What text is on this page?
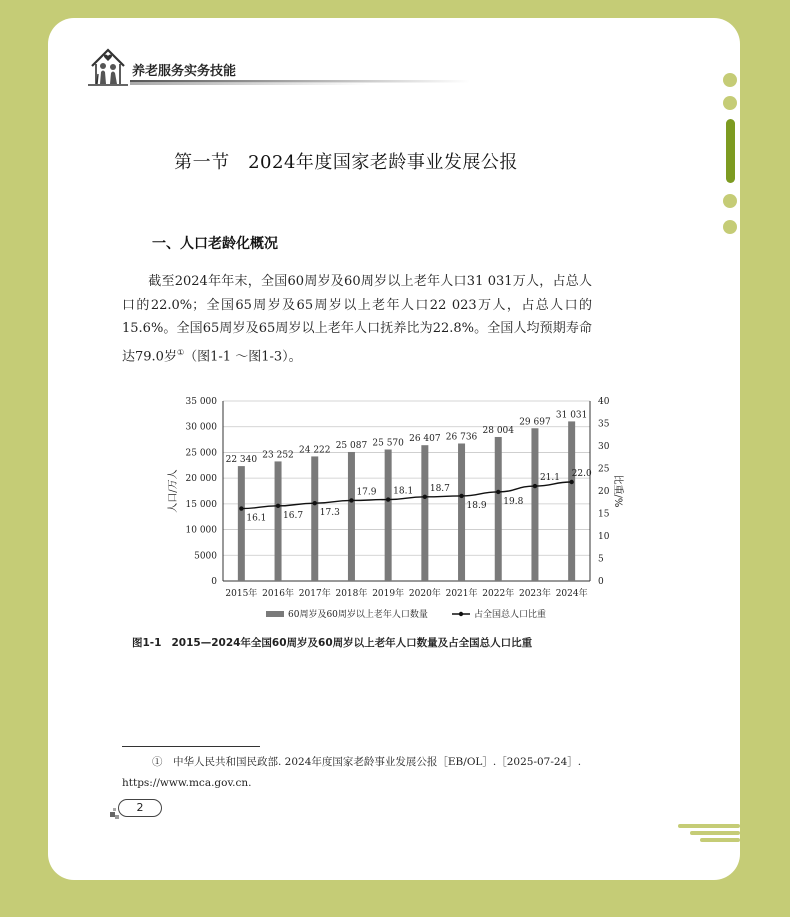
养老服务实务技能
第一节　2024年度国家老龄事业发展公报
一、人口老龄化概况
截至2024年年末，全国60周岁及60周岁以上老年人口31 031万人，占总人口的22.0%；全国65周岁及65周岁以上老年人口22 023万人，占总人口的15.6%。全国65周岁及65周岁以上老年人口抚养比为22.8%。全国人均预期寿命达79.0岁①（图1-1 ～图1-3）。
人口/万人	比重/%
0
5000
10 000
15 000
20 000
25 000
30 000
35 000
0
5
10
15
20
25
30
35
40
22 340 23 252 24 222 25 087 25 570 26 407 26 736
28 004
29 697
31 031
16.1 16.7 17.3
17.9 18.1 18.7
18.9 19.8
21.1 22.0
2015年 2016年 2017年 2018年 2019年 2020年 2021年 2022年 2023年 2024年
60周岁及60周岁以上老年人口数量	占全国总人口比重
图1-1 2015—2024年全国60周岁及60周岁以上老年人口数量及占全国总人口比重
①　中华人民共和国民政部. 2024年度国家老龄事业发展公报［EB/OL］.［2025-07-24］. https://www.mca.gov.cn.
2
